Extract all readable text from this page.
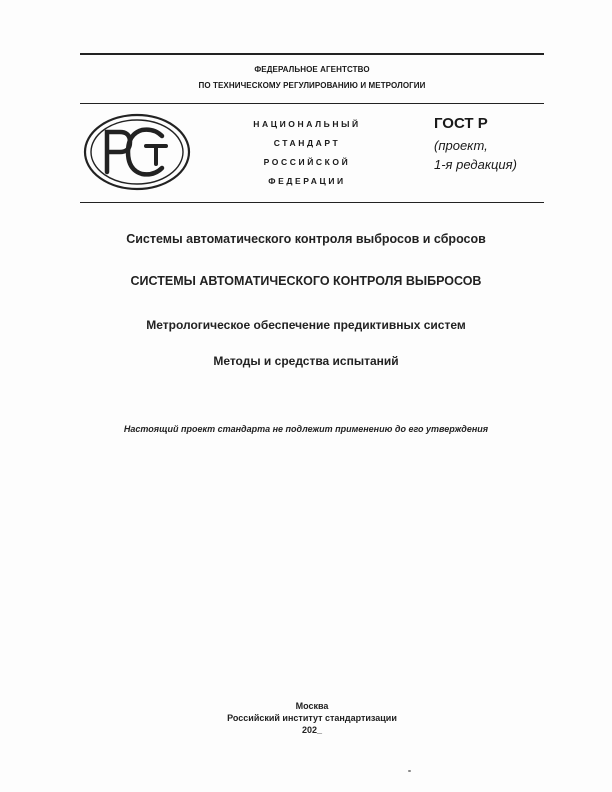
ФЕДЕРАЛЬНОЕ АГЕНТСТВО
ПО ТЕХНИЧЕСКОМУ РЕГУЛИРОВАНИЮ И МЕТРОЛОГИИ
НАЦИОНАЛЬНЫЙ
СТАНДАРТ
РОССИЙСКОЙ
ФЕДЕРАЦИИ
ГОСТ Р
(проект,
1-я редакция)
Системы автоматического контроля выбросов и сбросов
СИСТЕМЫ АВТОМАТИЧЕСКОГО КОНТРОЛЯ ВЫБРОСОВ
Метрологическое обеспечение предиктивных систем
Методы и средства испытаний
Настоящий проект стандарта не подлежит применению до его утверждения
Москва
Российский институт стандартизации
202_
